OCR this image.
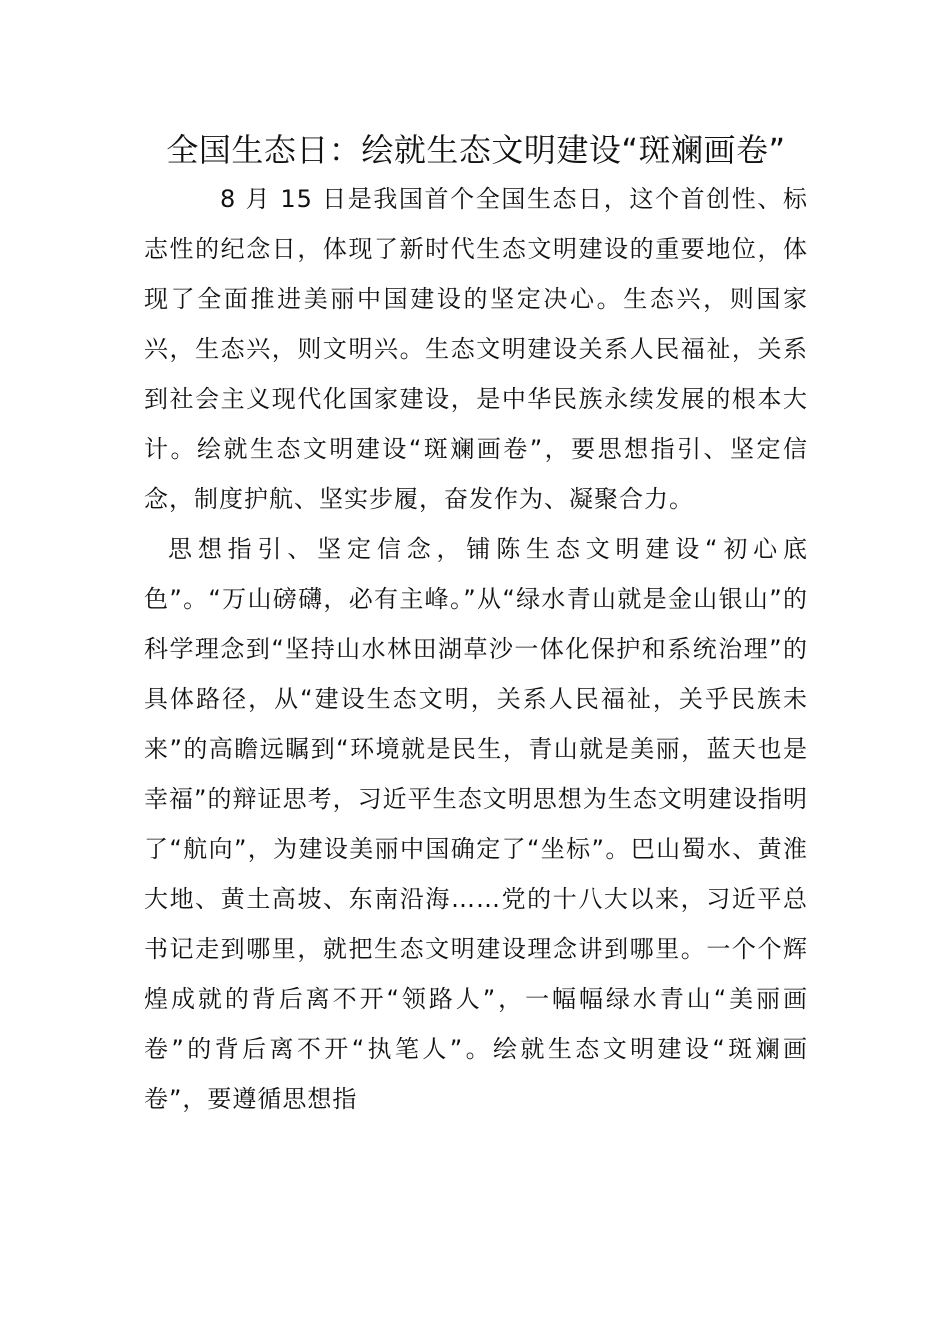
全国生态日：绘就生态文明建设“斑斓画卷”

8 月 15 日是我国首个全国生态日，这个首创性、标志性的纪念日，体现了新时代生态文明建设的重要地位，体现了全面推进美丽中国建设的坚定决心。生态兴，则国家兴，生态兴，则文明兴。生态文明建设关系人民福祉，关系到社会主义现代化国家建设，是中华民族永续发展的根本大计。绘就生态文明建设“斑斓画卷”，要思想指引、坚定信念，制度护航、坚实步履，奋发作为、凝聚合力。

思想指引、坚定信念，铺陈生态文明建设“初心底色”。“万山磅礴，必有主峰。”从“绿水青山就是金山银山”的科学理念到“坚持山水林田湖草沙一体化保护和系统治理”的具体路径，从“建设生态文明，关系人民福祉，关乎民族未来”的高瞻远瞩到“环境就是民生，青山就是美丽，蓝天也是幸福”的辩证思考，习近平生态文明思想为生态文明建设指明了“航向”，为建设美丽中国确定了“坐标”。巴山蜀水、黄淮大地、黄土高坡、东南沿海……党的十八大以来，习近平总书记走到哪里，就把生态文明建设理念讲到哪里。一个个辉煌成就的背后离不开“领路人”，一幅幅绿水青山“美丽画卷”的背后离不开“执笔人”。绘就生态文明建设“斑斓画卷”，要遵循思想指
